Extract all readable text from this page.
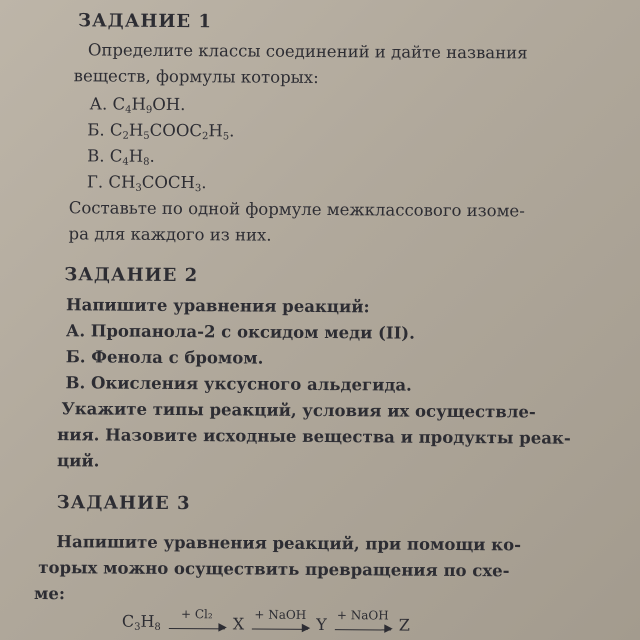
ЗАДАНИЕ 1
Определите классы соединений и дайте названия
веществ, формулы которых:
А. $C_4H_9OH$.
Б. $C_2H_5COOC_2H_5$.
В. $C_4H_8$.
Г. $CH_3COCH_3$.
Составьте по одной формуле межклассового изоме-
ра для каждого из них.
ЗАДАНИЕ 2
Напишите уравнения реакций:
А. Пропанола-2 с оксидом меди (II).
Б. Фенола с бромом.
В. Окисления уксусного альдегида.
Укажите типы реакций, условия их осуществле-
ния. Назовите исходные вещества и продукты реак-
ций.
ЗАДАНИЕ 3
Напишите уравнения реакций, при помощи ко-
торых можно осуществить превращения по схе-
ме:
$C_3H_8$
+ Cl₂
▶ X + NaOH
▶ Y + NaOH
▶ Z
